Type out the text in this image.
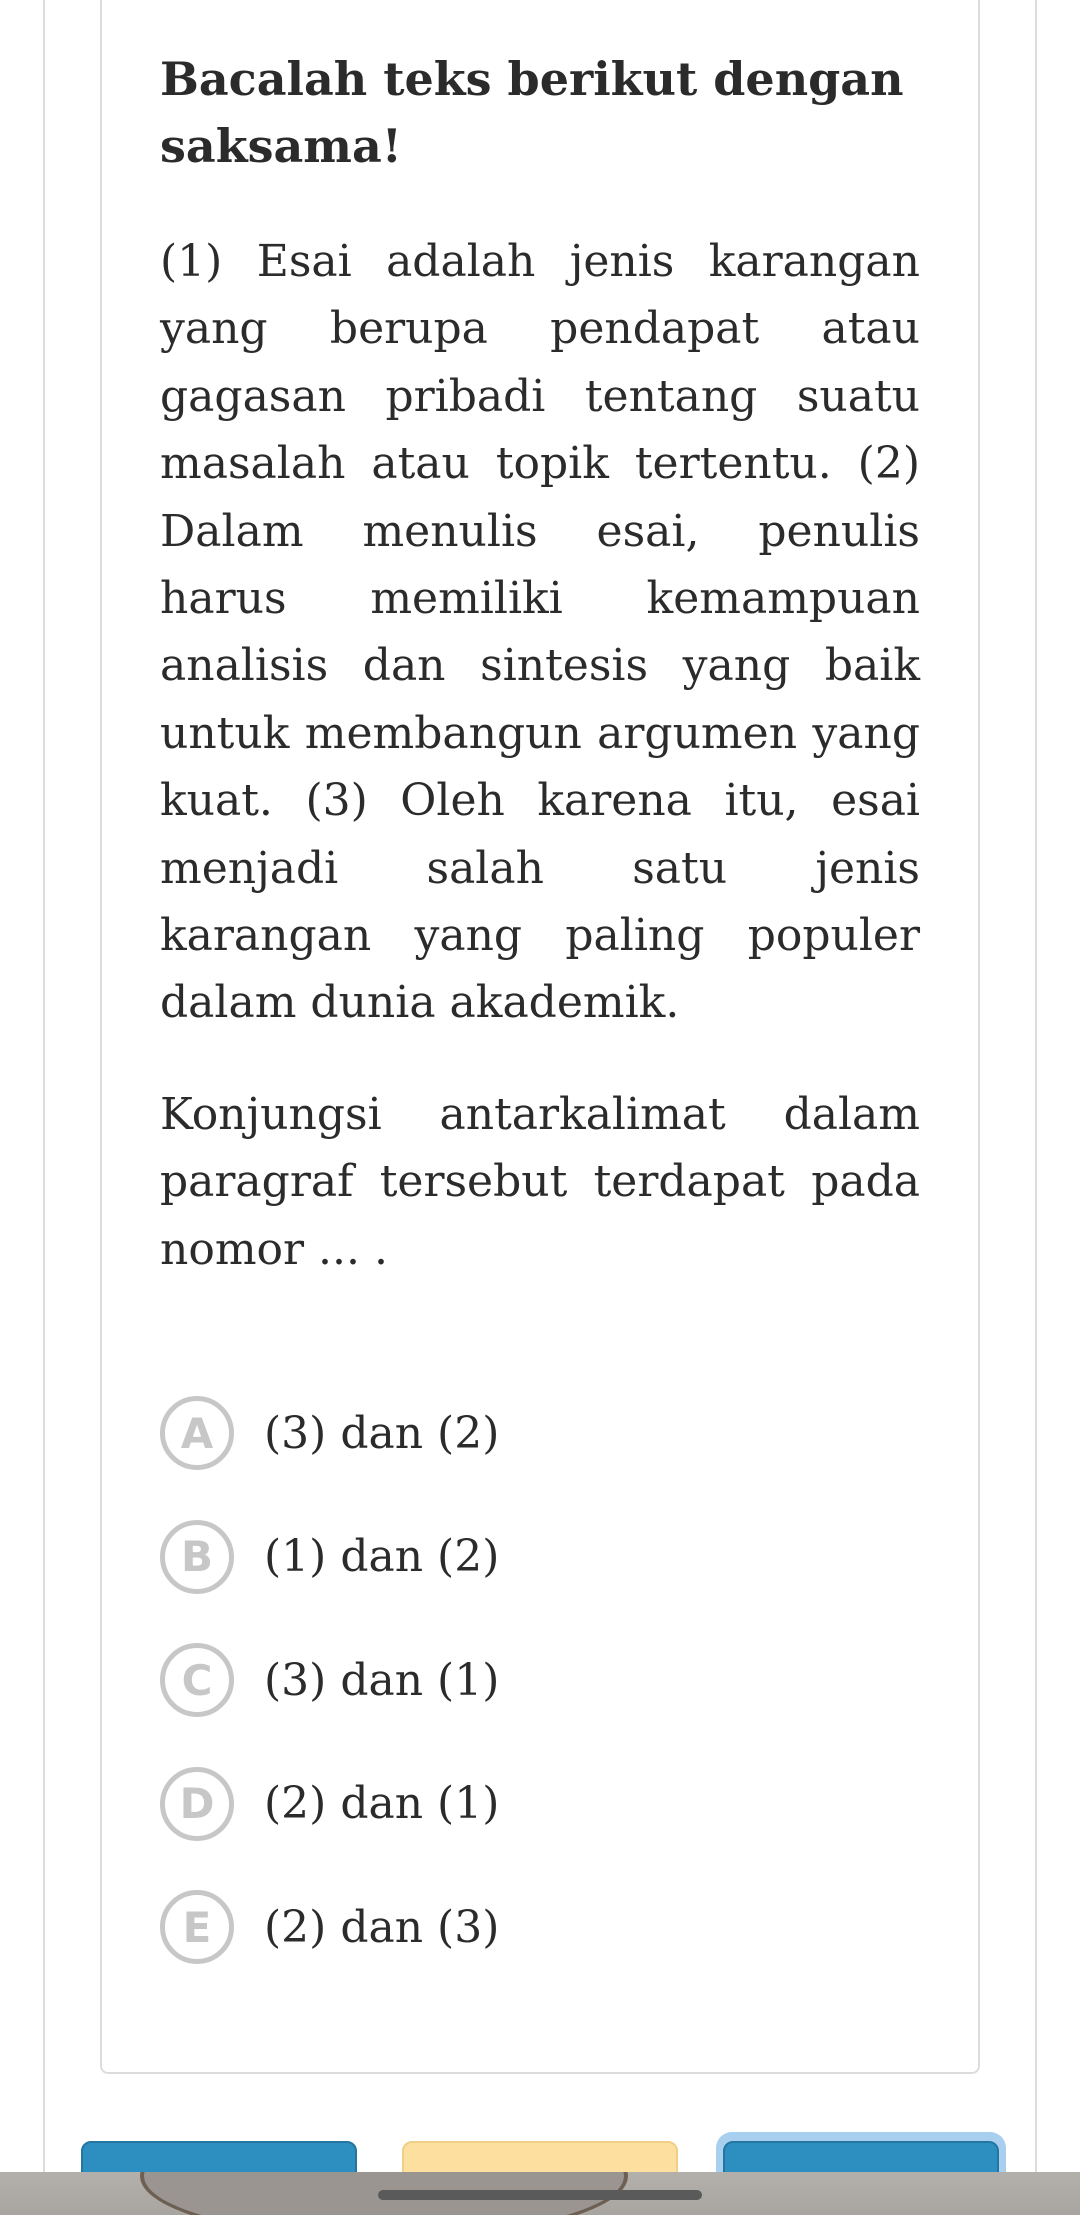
Bacalah teks berikut dengan saksama!

(1) Esai adalah jenis karangan yang berupa pendapat atau gagasan pribadi tentang suatu masalah atau topik tertentu. (2) Dalam menulis esai, penulis harus memiliki kemampuan analisis dan sintesis yang baik untuk membangun argumen yang kuat. (3) Oleh karena itu, esai menjadi salah satu jenis karangan yang paling populer dalam dunia akademik.

Konjungsi antarkalimat dalam paragraf tersebut terdapat pada nomor ... .

A	(3) dan (2)
B	(1) dan (2)
C	(3) dan (1)
D	(2) dan (1)
E	(2) dan (3)
